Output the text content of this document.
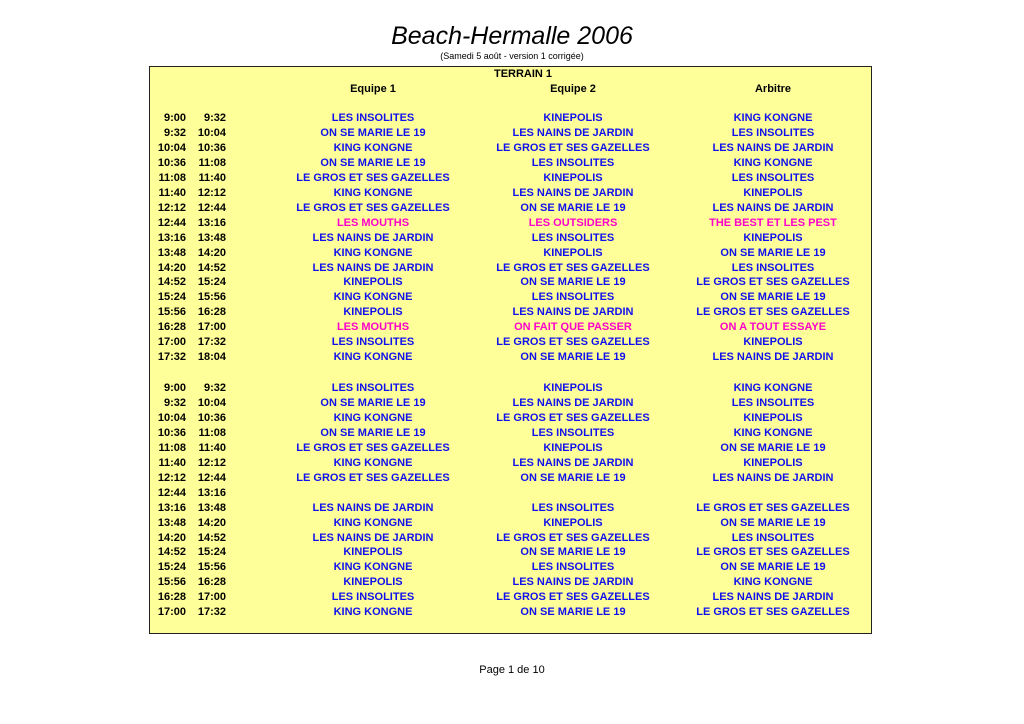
Beach-Hermalle 2006
(Samedi 5 août - version 1 corrigée)
TERRAIN 1
Equipe 1	Equipe 2	Arbitre
9:00	9:32	LES INSOLITES	KINEPOLIS	KING KONGNE
9:32 10:04	ON SE MARIE LE 19	LES NAINS DE JARDIN	LES INSOLITES
10:04 10:36	KING KONGNE	LE GROS ET SES GAZELLES	LES NAINS DE JARDIN
10:36 11:08	ON SE MARIE LE 19	LES INSOLITES	KING KONGNE
11:08 11:40	LE GROS ET SES GAZELLES	KINEPOLIS	LES INSOLITES
11:40 12:12	KING KONGNE	LES NAINS DE JARDIN	KINEPOLIS
12:12 12:44	LE GROS ET SES GAZELLES	ON SE MARIE LE 19	LES NAINS DE JARDIN
12:44 13:16	LES MOUTHS	LES OUTSIDERS	THE BEST ET LES PEST
13:16 13:48	LES NAINS DE JARDIN	LES INSOLITES	KINEPOLIS
13:48 14:20	KING KONGNE	KINEPOLIS	ON SE MARIE LE 19
14:20 14:52	LES NAINS DE JARDIN	LE GROS ET SES GAZELLES	LES INSOLITES
14:52 15:24	KINEPOLIS	ON SE MARIE LE 19	LE GROS ET SES GAZELLES
15:24 15:56	KING KONGNE	LES INSOLITES	ON SE MARIE LE 19
15:56 16:28	KINEPOLIS	LES NAINS DE JARDIN	LE GROS ET SES GAZELLES
16:28 17:00	LES MOUTHS	ON FAIT QUE PASSER	ON A TOUT ESSAYE
17:00 17:32	LES INSOLITES	LE GROS ET SES GAZELLES	KINEPOLIS
17:32 18:04	KING KONGNE	ON SE MARIE LE 19	LES NAINS DE JARDIN
9:00	9:32	LES INSOLITES	KINEPOLIS	KING KONGNE
9:32 10:04	ON SE MARIE LE 19	LES NAINS DE JARDIN	LES INSOLITES
10:04 10:36	KING KONGNE	LE GROS ET SES GAZELLES	KINEPOLIS
10:36 11:08	ON SE MARIE LE 19	LES INSOLITES	KING KONGNE
11:08 11:40	LE GROS ET SES GAZELLES	KINEPOLIS	ON SE MARIE LE 19
11:40 12:12	KING KONGNE	LES NAINS DE JARDIN	KINEPOLIS
12:12 12:44	LE GROS ET SES GAZELLES	ON SE MARIE LE 19	LES NAINS DE JARDIN
12:44 13:16
13:16 13:48	LES NAINS DE JARDIN	LES INSOLITES	LE GROS ET SES GAZELLES
13:48 14:20	KING KONGNE	KINEPOLIS	ON SE MARIE LE 19
14:20 14:52	LES NAINS DE JARDIN	LE GROS ET SES GAZELLES	LES INSOLITES
14:52 15:24	KINEPOLIS	ON SE MARIE LE 19	LE GROS ET SES GAZELLES
15:24 15:56	KING KONGNE	LES INSOLITES	ON SE MARIE LE 19
15:56 16:28	KINEPOLIS	LES NAINS DE JARDIN	KING KONGNE
16:28 17:00	LES INSOLITES	LE GROS ET SES GAZELLES	LES NAINS DE JARDIN
17:00 17:32	KING KONGNE	ON SE MARIE LE 19	LE GROS ET SES GAZELLES
Page 1 de 10
